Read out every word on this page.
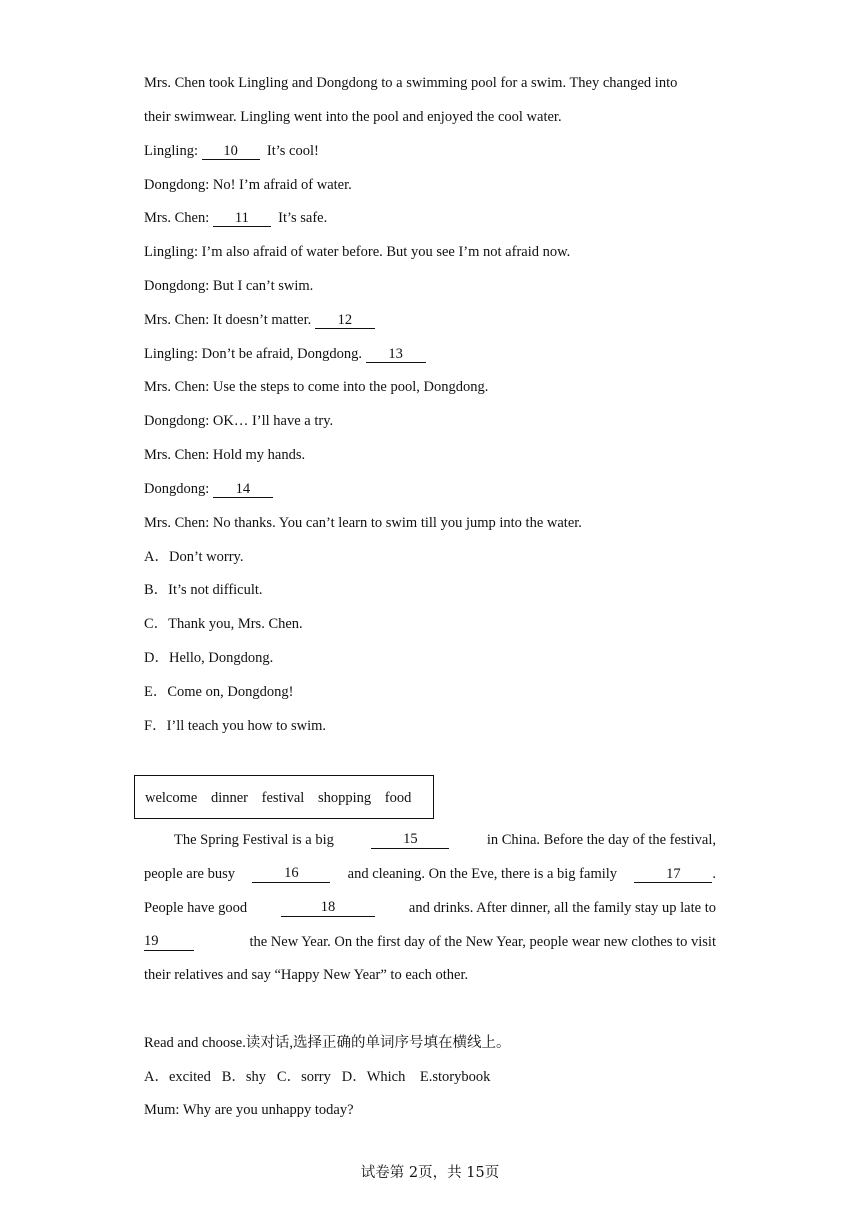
Mrs. Chen took Lingling and Dongdong to a swimming pool for a swim. They changed into
their swimwear. Lingling went into the pool and enjoyed the cool water.
Lingling: 10  It’s cool!
Dongdong: No! I’m afraid of water.
Mrs. Chen: 11  It’s safe.
Lingling: I’m also afraid of water before. But you see I’m not afraid now.
Dongdong: But I can’t swim.
Mrs. Chen: It doesn’t matter. 12
Lingling: Don’t be afraid, Dongdong. 13
Mrs. Chen: Use the steps to come into the pool, Dongdong.
Dongdong: OK… I’ll have a try.
Mrs. Chen: Hold my hands.
Dongdong: 14
Mrs. Chen: No thanks. You can’t learn to swim till you jump into the water.
A．Don’t worry.
B．It’s not difficult.
C．Thank you, Mrs. Chen.
D．Hello, Dongdong.
E．Come on, Dongdong!
F．I’ll teach you how to swim.
welcome dinner festival shopping food
The Spring Festival is a big	15	in China. Before the day of the festival,
people are busy	16	and cleaning. On the Eve, there is a big family	17 .
People have good	18	and drinks. After dinner, all the family stay up late to
19	the New Year. On the first day of the New Year, people wear new clothes to visit
their relatives and say “Happy New Year” to each other.
Read and choose.读对话,选择正确的单词序号填在横线上。
A．excited   B．shy   C．sorry   D．Which    E.storybook
Mum: Why are you unhappy today?
试卷第 2页，共 15页
